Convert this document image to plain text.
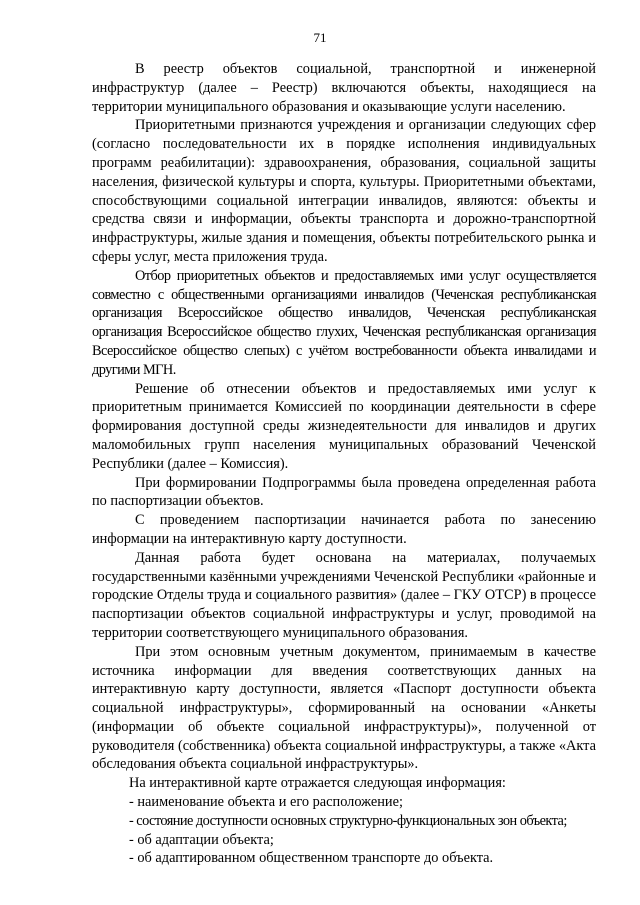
71

В реестр объектов социальной, транспортной и инженерной инфраструктур (далее – Реестр) включаются объекты, находящиеся на территории муниципального образования и оказывающие услуги населению.

Приоритетными признаются учреждения и организации следующих сфер (согласно последовательности их в порядке исполнения индивидуальных программ реабилитации): здравоохранения, образования, социальной защиты населения, физической культуры и спорта, культуры. Приоритетными объектами, способствующими социальной интеграции инвалидов, являются: объекты и средства связи и информации, объекты транспорта и дорожно-транспортной инфраструктуры, жилые здания и помещения, объекты потребительского рынка и сферы услуг, места приложения труда.

Отбор приоритетных объектов и предоставляемых ими услуг осуществляется совместно с общественными организациями инвалидов (Чеченская республиканская организация Всероссийское общество инвалидов, Чеченская республиканская организация Всероссийское общество глухих, Чеченская республиканская организация Всероссийское общество слепых) с учётом востребованности объекта инвалидами и другими МГН.

Решение об отнесении объектов и предоставляемых ими услуг к приоритетным принимается Комиссией по координации деятельности в сфере формирования доступной среды жизнедеятельности для инвалидов и других маломобильных групп населения муниципальных образований Чеченской Республики (далее – Комиссия).

При формировании Подпрограммы была проведена определенная работа по паспортизации объектов.

С проведением паспортизации начинается работа по занесению информации на интерактивную карту доступности.

Данная работа будет основана на материалах, получаемых государственными казёнными учреждениями Чеченской Республики «районные и городские Отделы труда и социального развития» (далее – ГКУ ОТСР) в процессе паспортизации объектов социальной инфраструктуры и услуг, проводимой на территории соответствующего муниципального образования.

При этом основным учетным документом, принимаемым в качестве источника информации для введения соответствующих данных на интерактивную карту доступности, является «Паспорт доступности объекта социальной инфраструктуры», сформированный на основании «Анкеты (информации об объекте социальной инфраструктуры)», полученной от руководителя (собственника) объекта социальной инфраструктуры, а также «Акта обследования объекта социальной инфраструктуры».

На интерактивной карте отражается следующая информация:

- наименование объекта и его расположение;
- состояние доступности основных структурно-функциональных зон объекта;
- об адаптации объекта;
- об адаптированном общественном транспорте до объекта.
